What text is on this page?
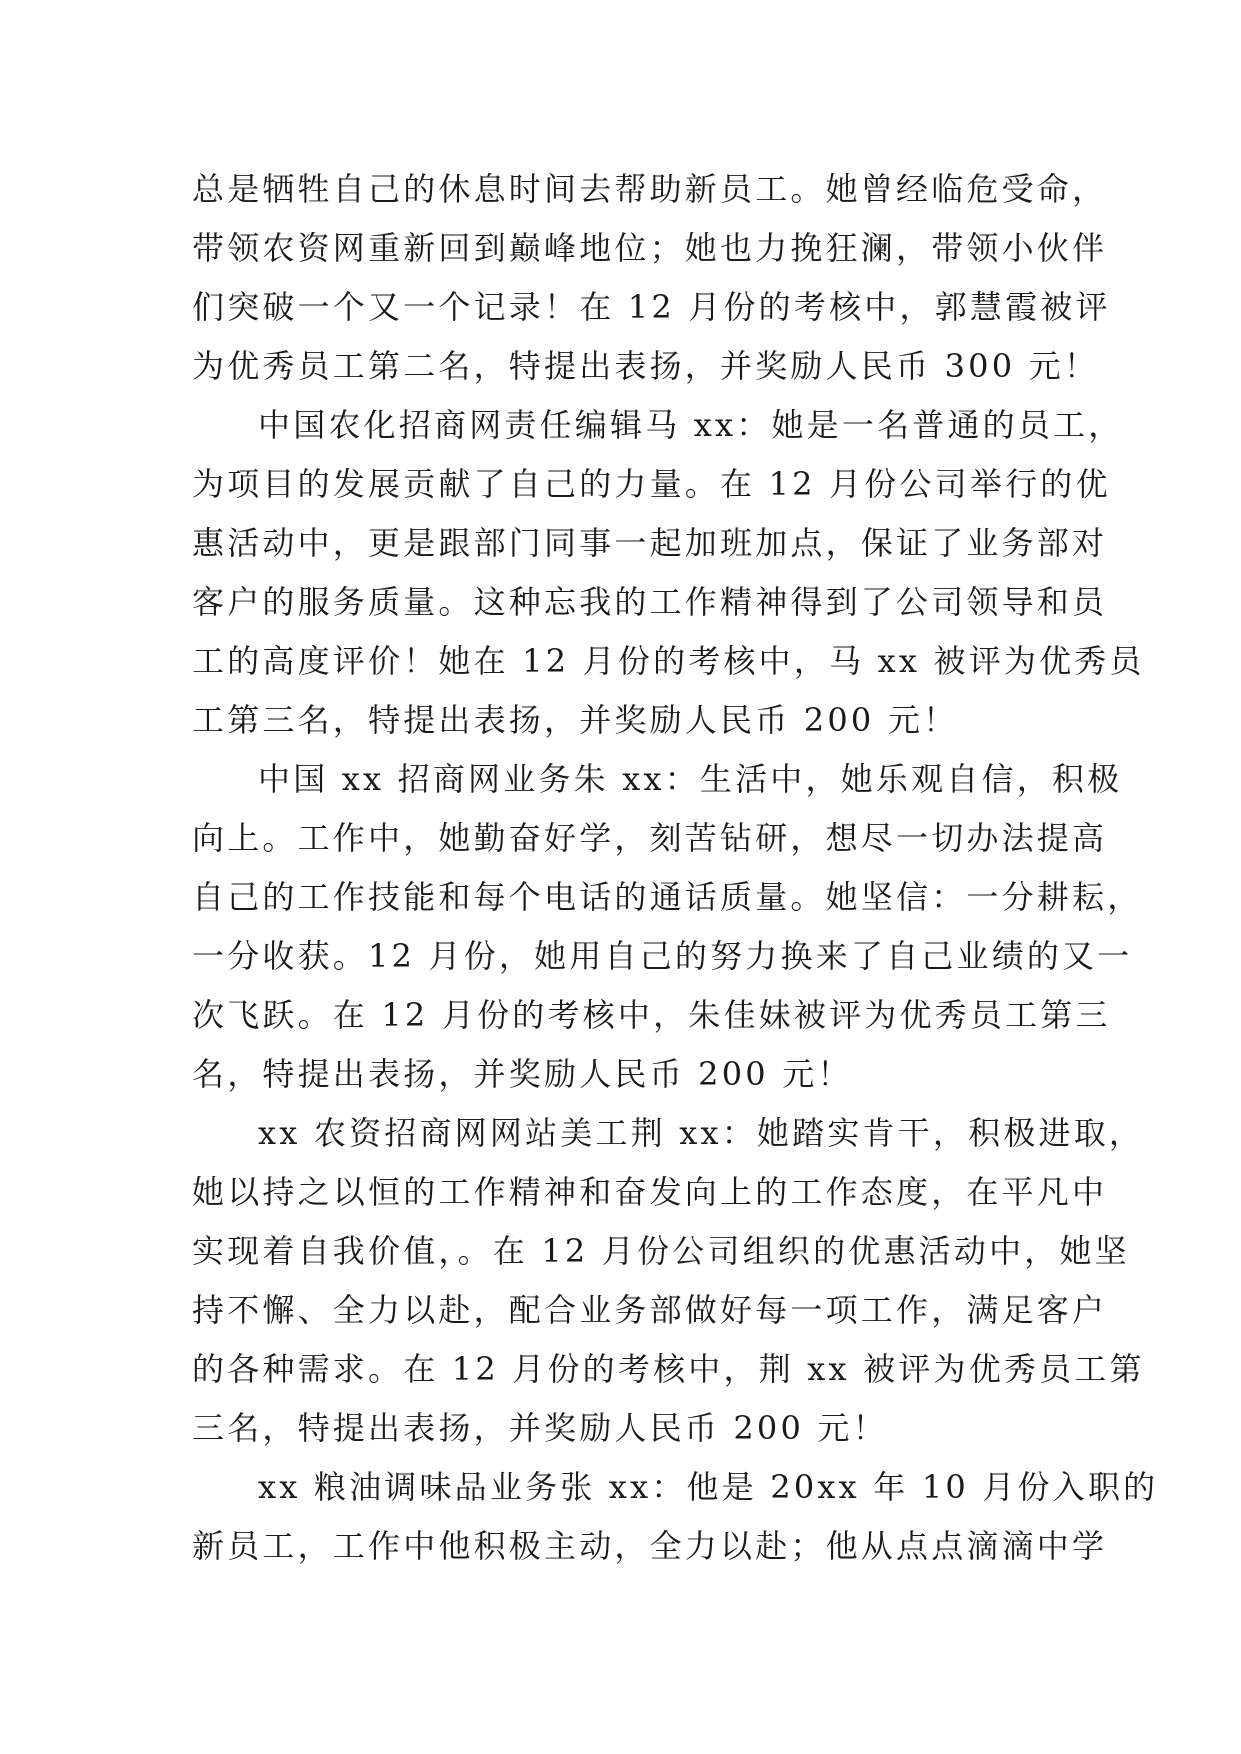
总是牺牲自己的休息时间去帮助新员工。她曾经临危受命，
带领农资网重新回到巅峰地位；她也力挽狂澜，带领小伙伴
们突破一个又一个记录！在 12 月份的考核中，郭慧霞被评
为优秀员工第二名，特提出表扬，并奖励人民币 300 元！
中国农化招商网责任编辑马 xx：她是一名普通的员工，
为项目的发展贡献了自己的力量。在 12 月份公司举行的优
惠活动中，更是跟部门同事一起加班加点，保证了业务部对
客户的服务质量。这种忘我的工作精神得到了公司领导和员
工的高度评价！她在 12 月份的考核中，马 xx 被评为优秀员
工第三名，特提出表扬，并奖励人民币 200 元！
中国 xx 招商网业务朱 xx：生活中，她乐观自信，积极
向上。工作中，她勤奋好学，刻苦钻研，想尽一切办法提高
自己的工作技能和每个电话的通话质量。她坚信：一分耕耘，
一分收获。12 月份，她用自己的努力换来了自己业绩的又一
次飞跃。在 12 月份的考核中，朱佳妹被评为优秀员工第三
名，特提出表扬，并奖励人民币 200 元！
xx 农资招商网网站美工荆 xx：她踏实肯干，积极进取，
她以持之以恒的工作精神和奋发向上的工作态度，在平凡中
实现着自我价值，。在 12 月份公司组织的优惠活动中，她坚
持不懈、全力以赴，配合业务部做好每一项工作，满足客户
的各种需求。在 12 月份的考核中，荆 xx 被评为优秀员工第
三名，特提出表扬，并奖励人民币 200 元！
xx 粮油调味品业务张 xx：他是 20xx 年 10 月份入职的
新员工，工作中他积极主动，全力以赴；他从点点滴滴中学
